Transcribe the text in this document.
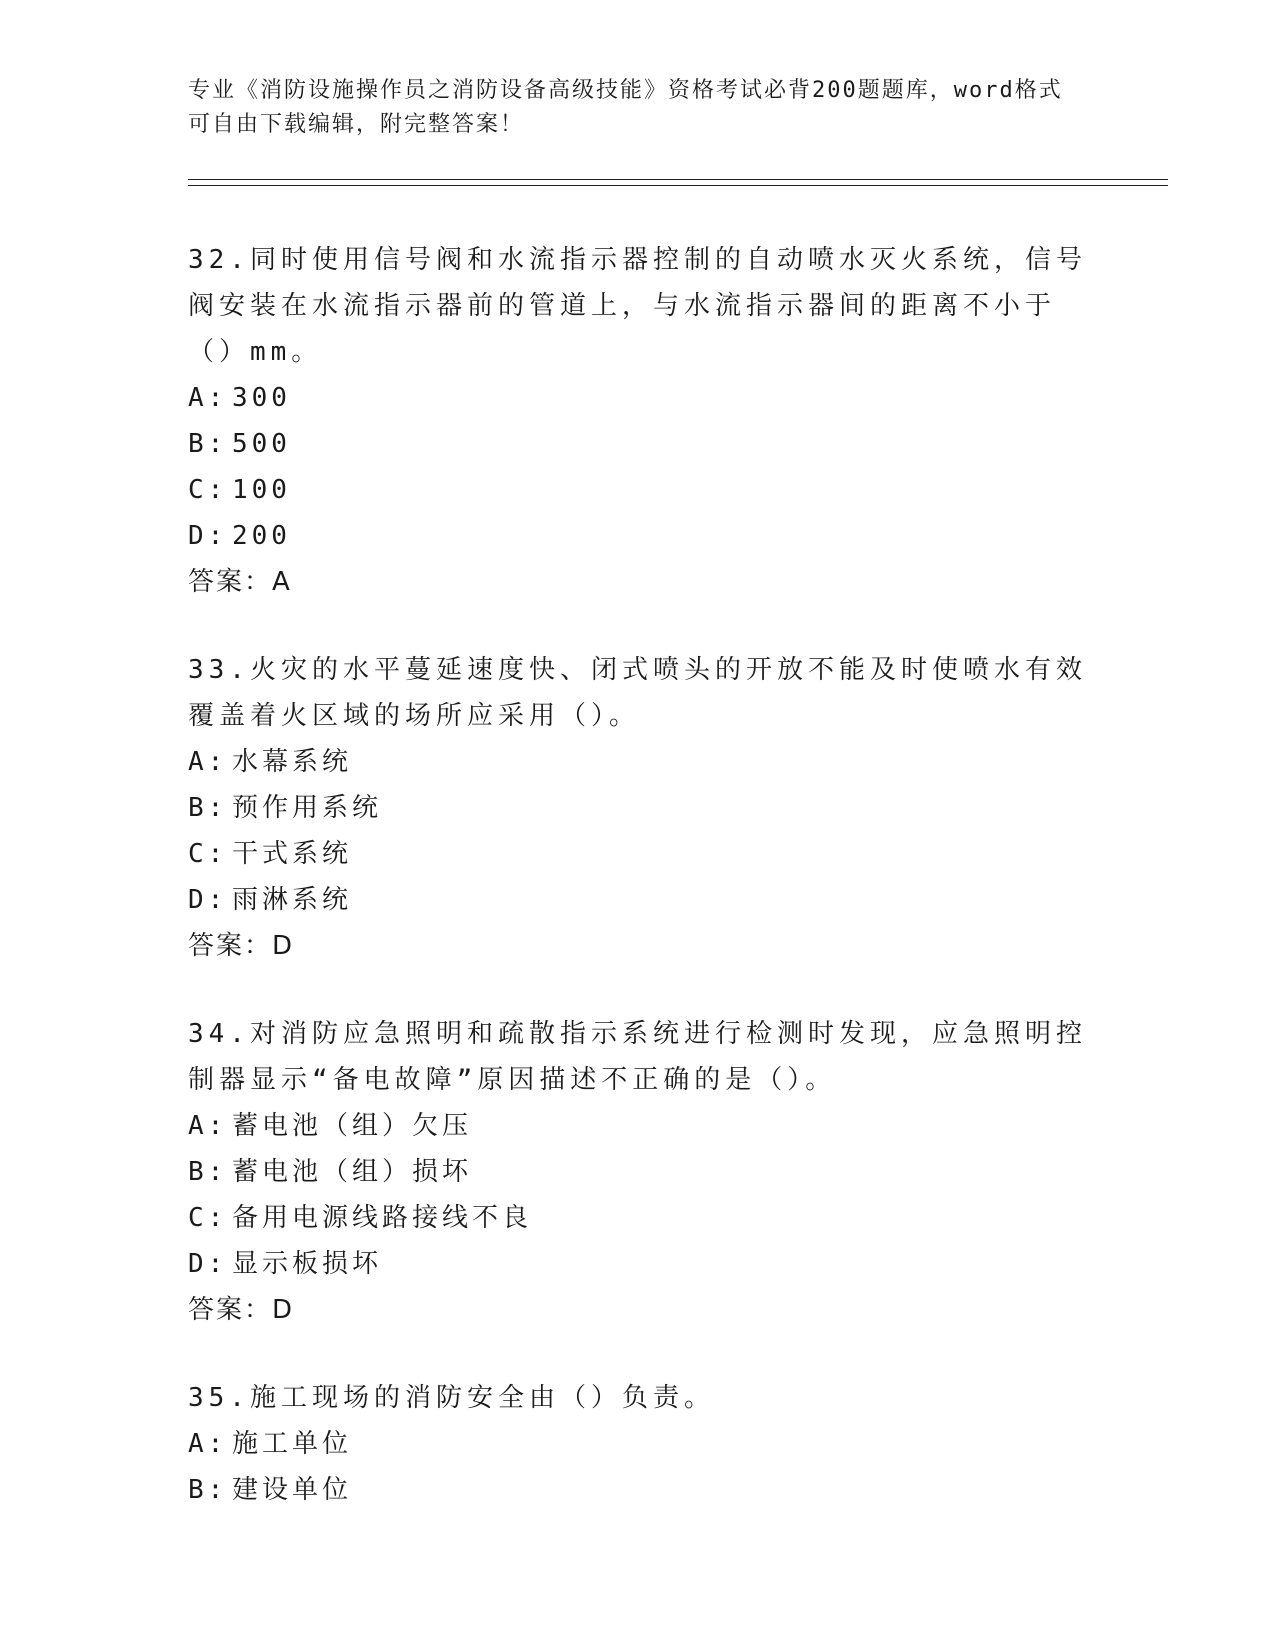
专业《消防设施操作员之消防设备高级技能》资格考试必背200题题库，word格式可自由下载编辑，附完整答案！
32.同时使用信号阀和水流指示器控制的自动喷水灭火系统，信号阀安装在水流指示器前的管道上，与水流指示器间的距离不小于（）mm。
A: 300
B: 500
C: 100
D: 200
答案：A
33.火灾的水平蔓延速度快、闭式喷头的开放不能及时使喷水有效覆盖着火区域的场所应采用（）。
A: 水幕系统
B: 预作用系统
C: 干式系统
D: 雨淋系统
答案：D
34.对消防应急照明和疏散指示系统进行检测时发现，应急照明控制器显示“备电故障”原因描述不正确的是（）。
A: 蓄电池（组）欠压
B: 蓄电池（组）损坏
C: 备用电源线路接线不良
D: 显示板损坏
答案：D
35.施工现场的消防安全由（）负责。
A: 施工单位
B: 建设单位
